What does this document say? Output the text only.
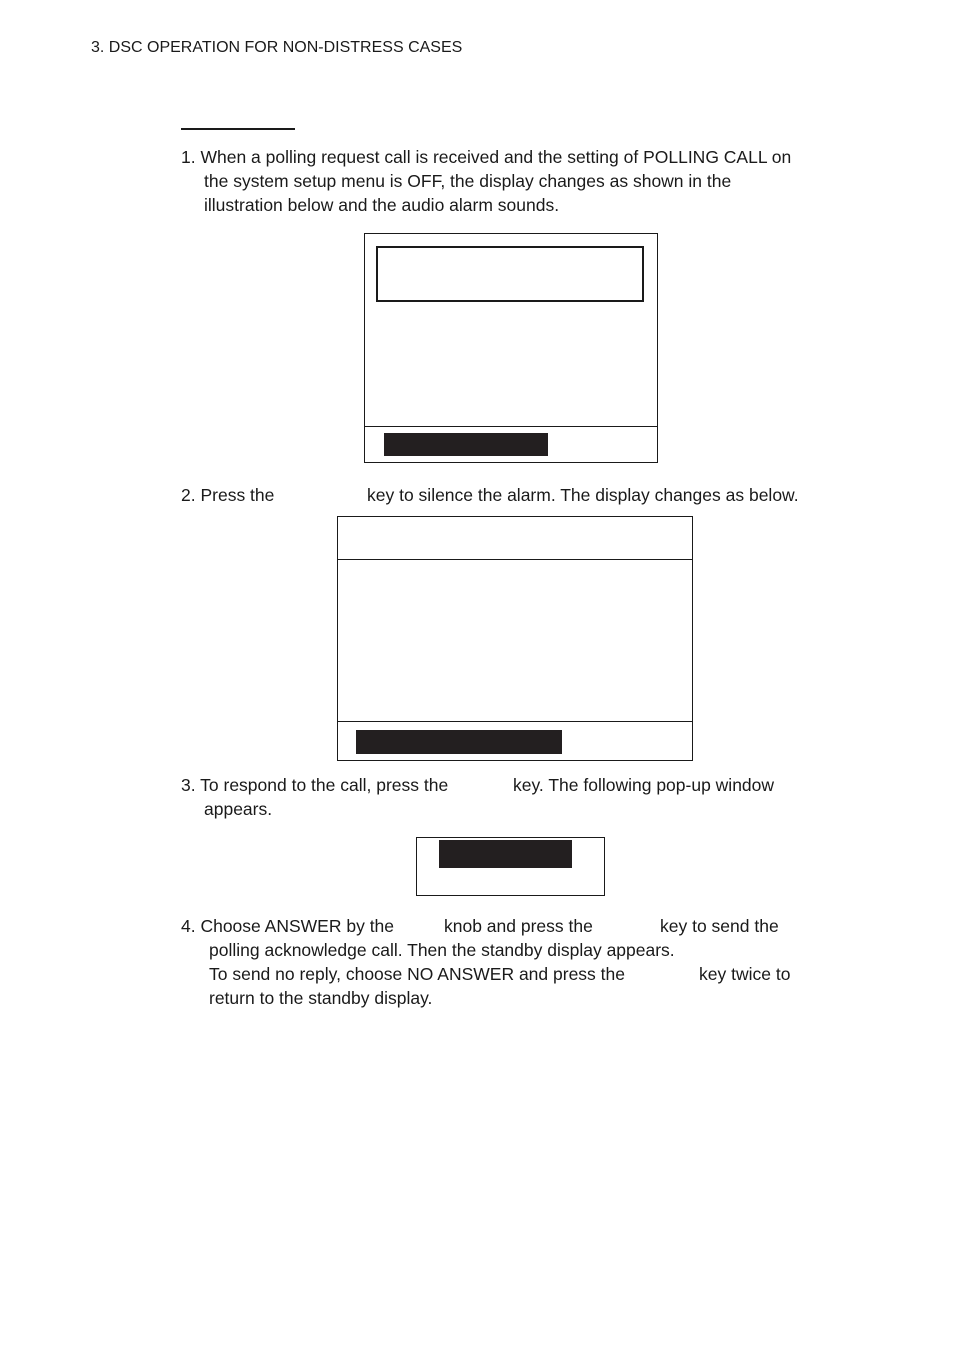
3. DSC OPERATION FOR NON-DISTRESS CASES
1. When a polling request call is received and the setting of POLLING CALL on
the system setup menu is OFF, the display changes as shown in the
illustration below and the audio alarm sounds.
2. Press the	key to silence the alarm. The display changes as below.
3. To respond to the call, press the	key. The following pop-up window
appears.
4. Choose ANSWER by the	knob and press the	key to send the
polling acknowledge call. Then the standby display appears.
To send no reply, choose NO ANSWER and press the	key twice to
return to the standby display.
